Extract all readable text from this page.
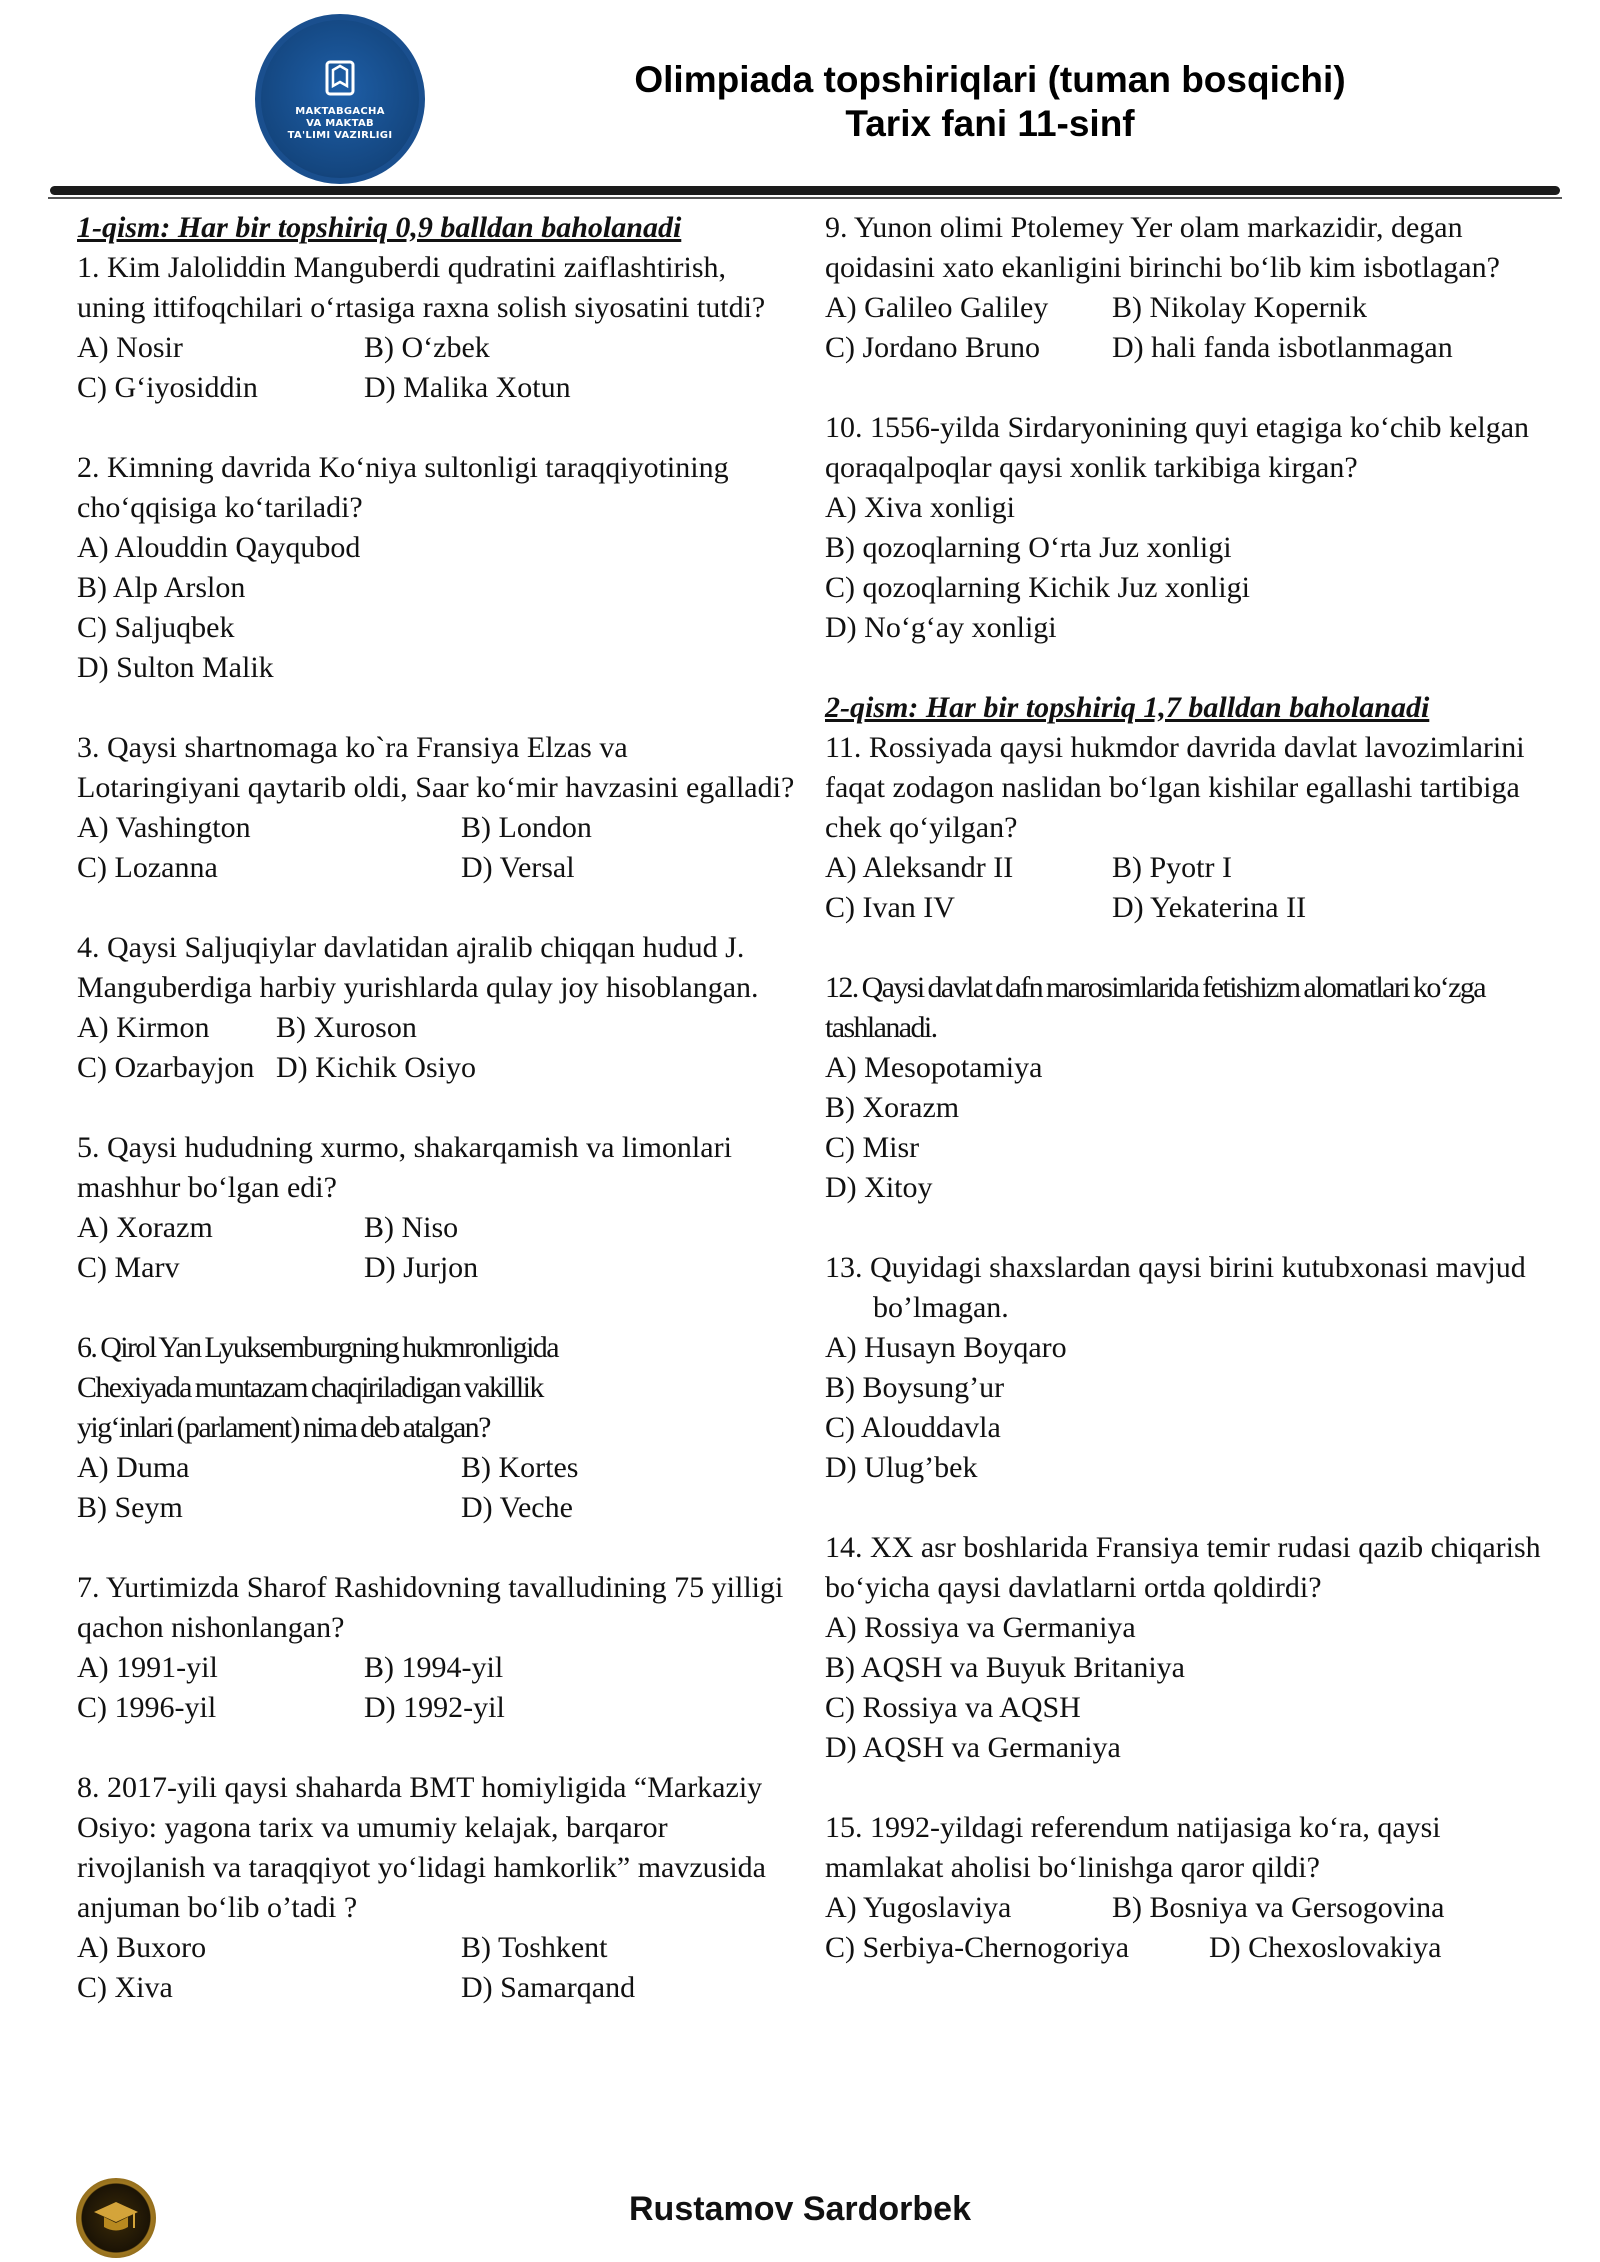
MAKTABGACHA
VA MAKTAB
TA'LIMI VAZIRLIGI
Olimpiada topshiriqlari (tuman bosqichi)
Tarix fani 11-sinf
1-qism: Har bir topshiriq 0,9 balldan baholanadi

1. Kim Jaloliddin Manguberdi qudratini zaiflashtirish, uning ittifoqchilari o‘rtasiga raxna solish siyosatini tutdi?

A) Nosir	B) O‘zbek
C) G‘iyosiddin	D) Malika Xotun

2. Kimning davrida Ko‘niya sultonligi taraqqiyotining cho‘qqisiga ko‘tariladi?

A) Alouddin Qayqubod
B) Alp Arslon
C) Saljuqbek
D) Sulton Malik

3. Qaysi shartnomaga ko`ra Fransiya Elzas va Lotaringiyani qaytarib oldi, Saar ko‘mir havzasini egalladi?

A) Vashington	B) London
C) Lozanna	D) Versal

4. Qaysi Saljuqiylar davlatidan ajralib chiqqan hudud J. Manguberdiga harbiy yurishlarda qulay joy hisoblangan.

A) Kirmon	B) Xuroson
C) Ozarbayjon D) Kichik Osiyo

5. Qaysi hududning xurmo, shakarqamish va limonlari mashhur bo‘lgan edi?

A) Xorazm	B) Niso
C) Marv	D) Jurjon

6. Qirol Yan Lyuksemburgning hukmronligida Chexiyada muntazam chaqiriladigan vakillik yig‘inlari (parlament) nima deb atalgan?

A) Duma	B) Kortes
B) Seym	D) Veche

7. Yurtimizda Sharof Rashidovning tavalludining 75 yilligi qachon nishonlangan?

A) 1991-yil	B) 1994-yil
C) 1996-yil	D) 1992-yil

8. 2017-yili qaysi shaharda BMT homiyligida “Markaziy Osiyo: yagona tarix va umumiy kelajak, barqaror rivojlanish va taraqqiyot yo‘lidagi hamkorlik” mavzusida anjuman bo‘lib o’tadi ?

A) Buxoro	B) Toshkent
C) Xiva	D) Samarqand

9. Yunon olimi Ptolemey Yer olam markazidir, degan qoidasini xato ekanligini birinchi bo‘lib kim isbotlagan?

A) Galileo Galiley	B) Nikolay Kopernik
C) Jordano Bruno	D) hali fanda isbotlanmagan

10. 1556-yilda Sirdaryonining quyi etagiga ko‘chib kelgan qoraqalpoqlar qaysi xonlik tarkibiga kirgan?

A) Xiva xonligi
B) qozoqlarning O‘rta Juz xonligi
C) qozoqlarning Kichik Juz xonligi
D) No‘g‘ay xonligi
2-qism: Har bir topshiriq 1,7 balldan baholanadi

11. Rossiyada qaysi hukmdor davrida davlat lavozimlarini faqat zodagon naslidan bo‘lgan kishilar egallashi tartibiga chek qo‘yilgan?

A) Aleksandr II	B) Pyotr I
C) Ivan IV	D) Yekaterina II

12. Qaysi davlat dafn marosimlarida fetishizm alomatlari ko‘zga tashlanadi.

A) Mesopotamiya
B) Xorazm
C) Misr
D) Xitoy

13. Quyidagi shaxslardan qaysi birini kutubxonasi mavjud bo’lmagan.

A) Husayn Boyqaro
B) Boysung’ur
C) Alouddavla
D) Ulug’bek

14. XX asr boshlarida Fransiya temir rudasi qazib chiqarish bo‘yicha qaysi davlatlarni ortda qoldirdi?

A) Rossiya va Germaniya
B) AQSH va Buyuk Britaniya
C) Rossiya va AQSH
D) AQSH va Germaniya

15. 1992-yildagi referendum natijasiga ko‘ra, qaysi mamlakat aholisi bo‘linishga qaror qildi?

A) Yugoslaviya	B) Bosniya va Gersogovina
C) Serbiya-Chernogoriya	D) Chexoslovakiya
Rustamov Sardorbek
